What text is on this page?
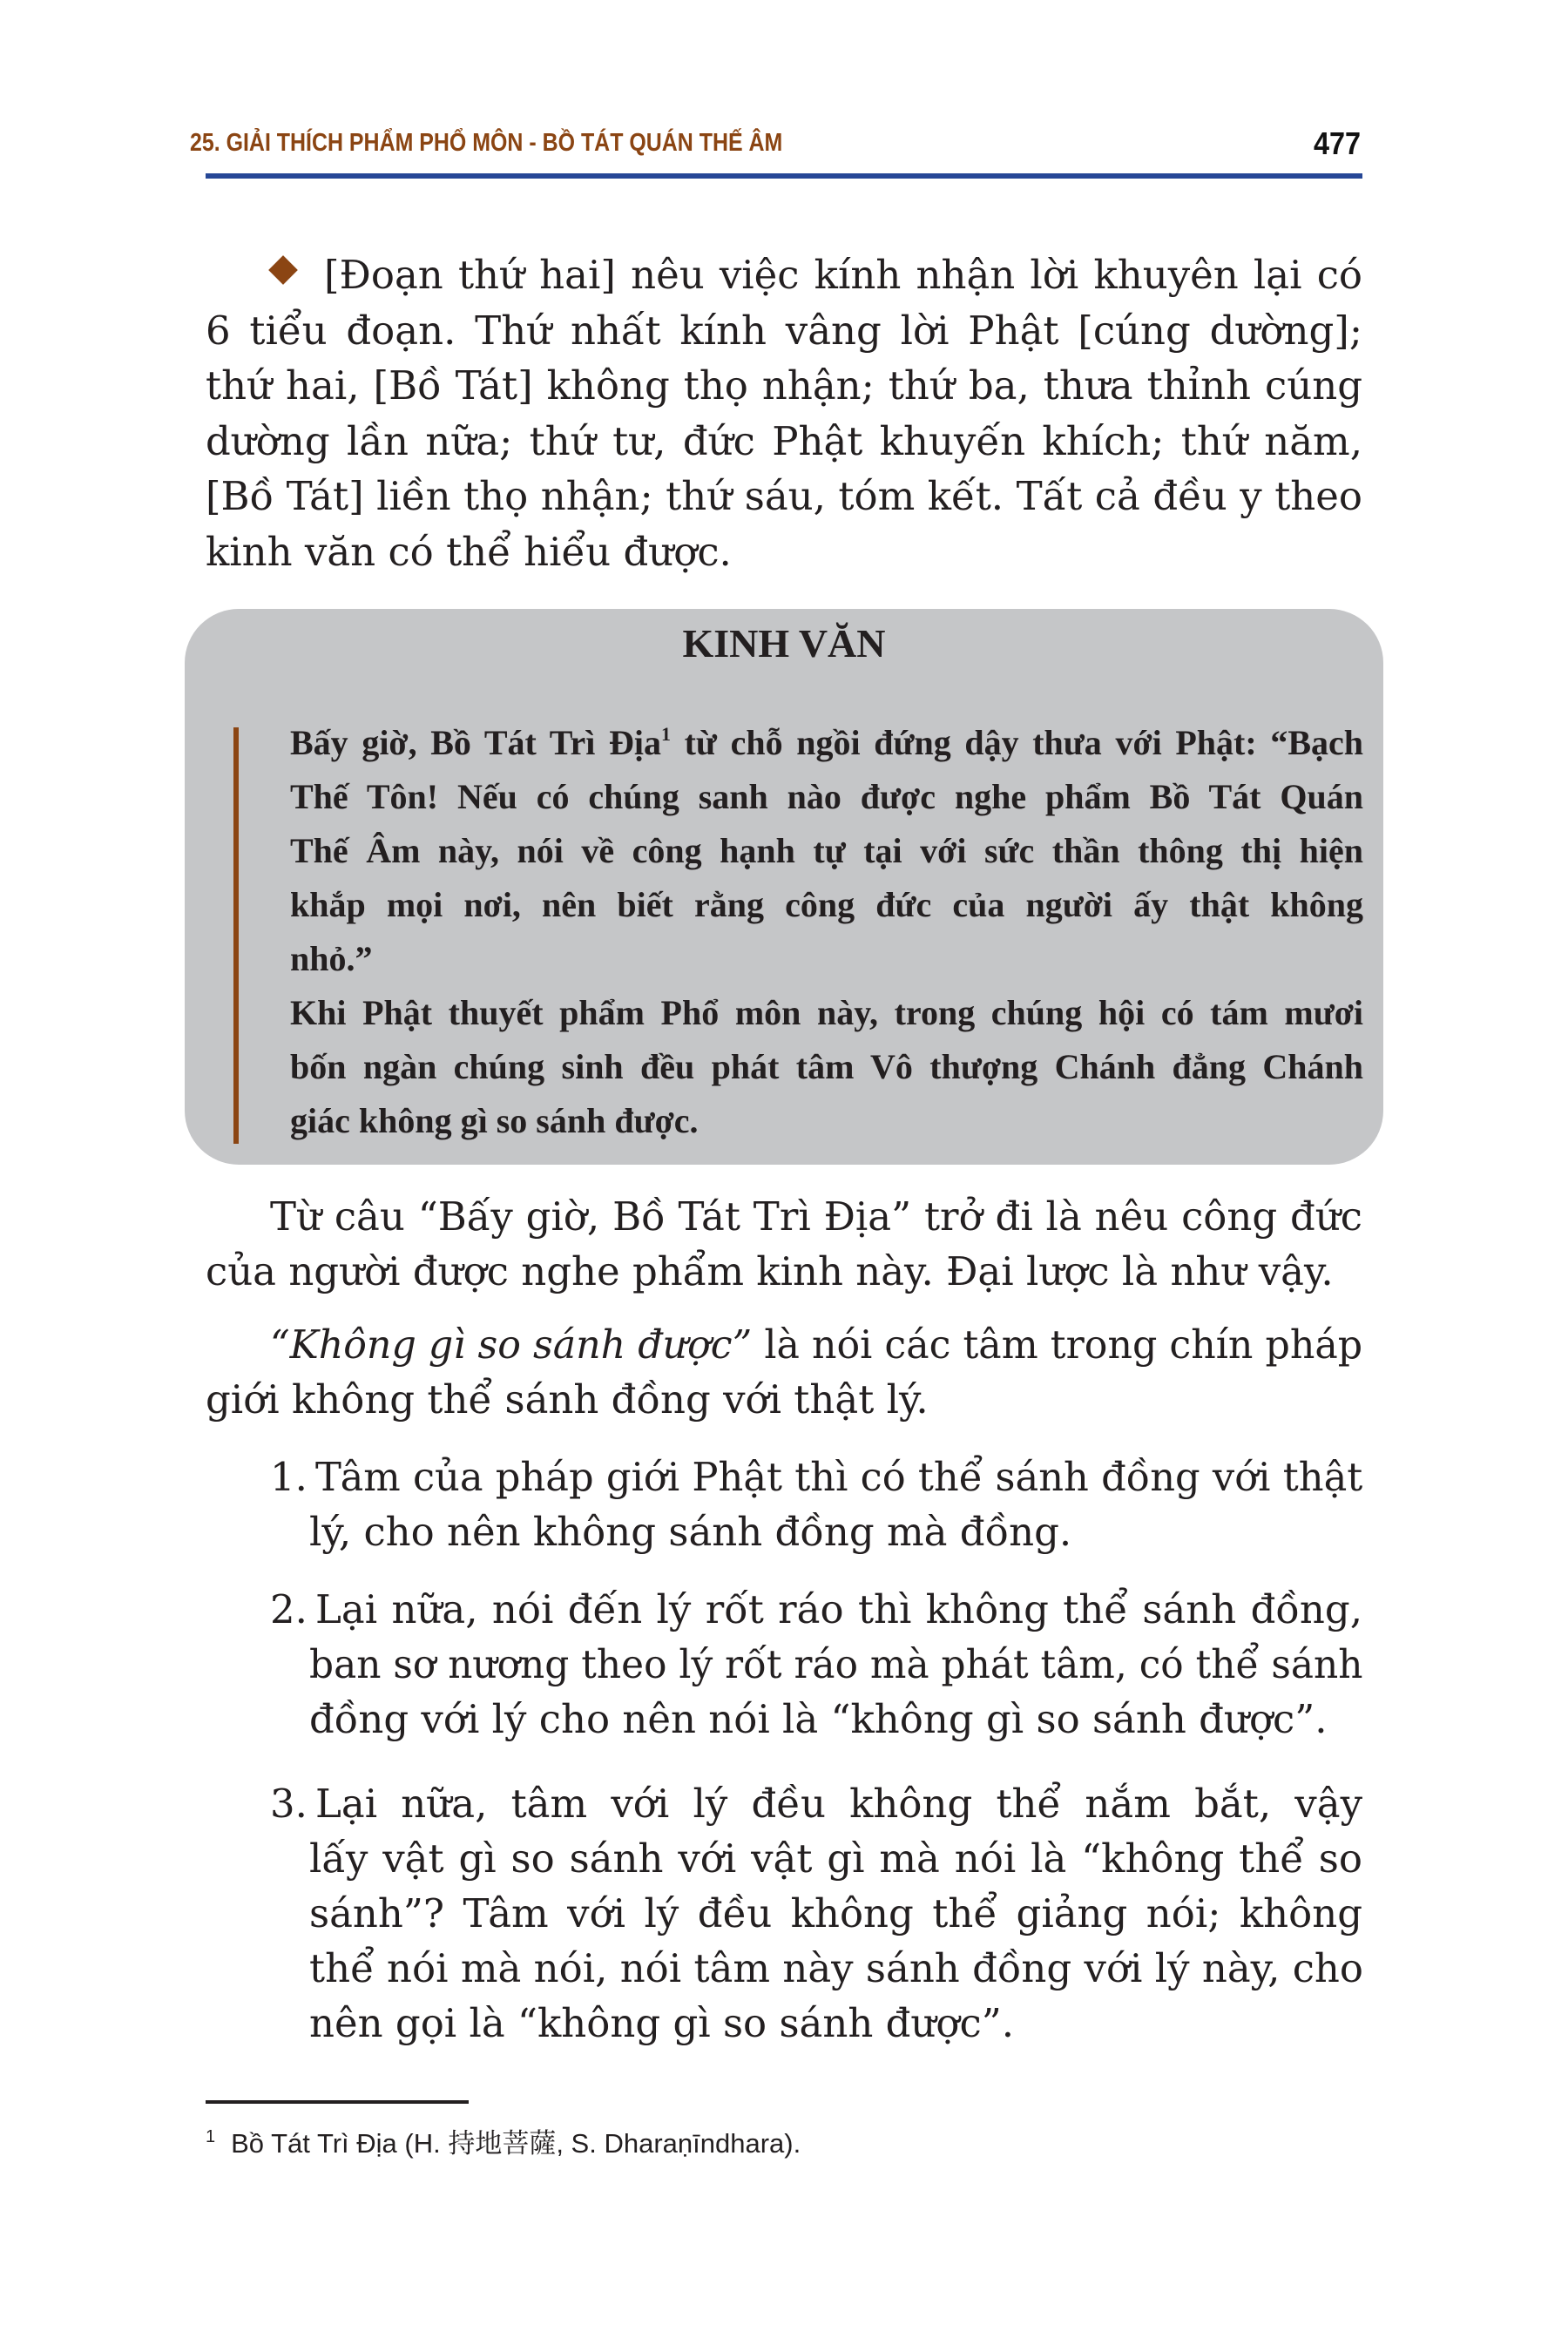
25. GIẢI THÍCH PHẨM PHỔ MÔN - BỒ TÁT QUÁN THẾ ÂM	477
[Đoạn thứ hai] nêu việc kính nhận lời khuyên lại có
6 tiểu đoạn. Thứ nhất kính vâng lời Phật [cúng dường];
thứ hai, [Bồ Tát] không thọ nhận; thứ ba, thưa thỉnh cúng
dường lần nữa; thứ tư, đức Phật khuyến khích; thứ năm,
[Bồ Tát] liền thọ nhận; thứ sáu, tóm kết. Tất cả đều y theo
kinh văn có thể hiểu được.
KINH VĂN
Bấy giờ, Bồ Tát Trì Địa$^1$ từ chỗ ngồi đứng dậy thưa với Phật: “Bạch
Thế Tôn! Nếu có chúng sanh nào được nghe phẩm Bồ Tát Quán
Thế Âm này, nói về công hạnh tự tại với sức thần thông thị hiện
khắp mọi nơi, nên biết rằng công đức của người ấy thật không
nhỏ.”
Khi Phật thuyết phẩm Phổ môn này, trong chúng hội có tám mươi
bốn ngàn chúng sinh đều phát tâm Vô thượng Chánh đẳng Chánh
giác không gì so sánh được.
Từ câu “Bấy giờ, Bồ Tát Trì Địa” trở đi là nêu công đức
của người được nghe phẩm kinh này. Đại lược là như vậy.
“Không gì so sánh được” là nói các tâm trong chín pháp
giới không thể sánh đồng với thật lý.
1. Tâm của pháp giới Phật thì có thể sánh đồng với thật
lý, cho nên không sánh đồng mà đồng.
2. Lại nữa, nói đến lý rốt ráo thì không thể sánh đồng,
ban sơ nương theo lý rốt ráo mà phát tâm, có thể sánh
đồng với lý cho nên nói là “không gì so sánh được”.
3. Lại nữa, tâm với lý đều không thể nắm bắt, vậy
lấy vật gì so sánh với vật gì mà nói là “không thể so
sánh”? Tâm với lý đều không thể giảng nói; không
thể nói mà nói, nói tâm này sánh đồng với lý này, cho
nên gọi là “không gì so sánh được”.
$^1$ Bồ Tát Trì Địa (H. 持地菩薩, S. Dharaṇīndhara).
